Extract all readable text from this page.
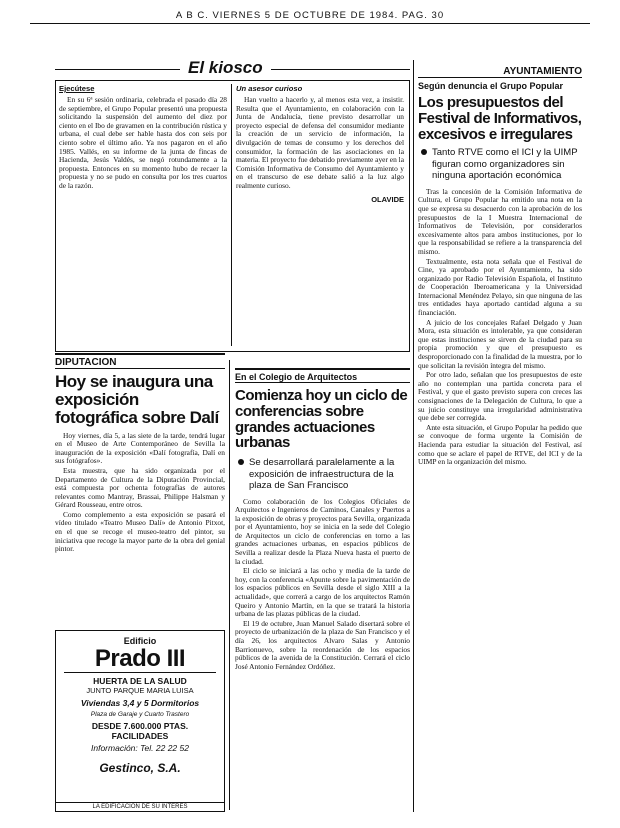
A B C. VIERNES 5 DE OCTUBRE DE 1984. PAG. 30
El kiosco
Ejecútese

En su 6ª sesión ordinaria, celebrada el pasado día 28 de septiembre, el Grupo Popular presentó una propuesta solicitando la suspensión del aumento del diez por ciento en el Ibo de gravamen en la contribución rústica y urbana, el cual debe ser hable hasta dos con seis por ciento sobre el último año. Ya nos pagaron en el año 1985. Vallés, en su informe de la junta de fincas de Hacienda, Jesús Valdés, se negó rotundamente a la propuesta. Entonces en su momento hubo de recaer la propuesta y no se pudo en consulta por los tres cuartos de la razón.

Un asesor curioso

Han vuelto a hacerlo y, al menos esta vez, a insistir. Resulta que el Ayuntamiento, en colaboración con la Junta de Andalucía, tiene previsto desarrollar un proyecto especial de defensa del consumidor mediante la creación de un servicio de información, la divulgación de temas de consumo y los derechos del consumidor, la formación de las asociaciones en la materia. El proyecto fue debatido previamente ayer en la Comisión Informativa de Consumo del Ayuntamiento y en el transcurso de ese debate salió a la luz algo realmente curioso.

OLAVIDE
DIPUTACION
Hoy se inaugura una exposición fotográfica sobre Dalí

Hoy viernes, día 5, a las siete de la tarde, tendrá lugar en el Museo de Arte Contemporáneo de Sevilla la inauguración de la exposición «Dalí fotografía, Dalí en sus fotógrafos».

Esta muestra, que ha sido organizada por el Departamento de Cultura de la Diputación Provincial, está compuesta por ochenta fotografías de autores relevantes como Mantray, Brassai, Philippe Halsman y Gérard Rousseau, entre otros.

Como complemento a esta exposición se pasará el vídeo titulado «Teatro Museo Dalí» de Antonio Pitxot, en el que se recoge el museo-teatro del pintor, su iniciativa que recoge la mayor parte de la obra del genial pintor.

Edificio
Prado III
HUERTA DE LA SALUD
JUNTO PARQUE MARIA LUISA
Viviendas 3,4 y 5 Dormitorios
Plaza de Garaje y Cuarto Trastero
DESDE 7.600.000 PTAS.
FACILIDADES
Información: Tel. 22 22 52
Gestinco, S.A.
LA EDIFICACION DE SU INTERES
En el Colegio de Arquitectos
Comienza hoy un ciclo de conferencias sobre grandes actuaciones urbanas
Se desarrollará paralelamente a la exposición de infraestructura de la plaza de San Francisco

Como colaboración de los Colegios Oficiales de Arquitectos e Ingenieros de Caminos, Canales y Puertos a la exposición de obras y proyectos para Sevilla, organizada por el Ayuntamiento, hoy se inicia en la sede del Colegio de Arquitectos un ciclo de conferencias en torno a las grandes actuaciones urbanas, en espacios públicos de Sevilla a realizar desde la Plaza Nueva hasta el puerto de la ciudad.

El ciclo se iniciará a las ocho y media de la tarde de hoy, con la conferencia «Apunte sobre la pavimentación de los espacios públicos en Sevilla desde el siglo XIII a la actualidad», que correrá a cargo de los arquitectos Ramón Queiro y Antonio Martín, en la que se tratará la historia urbana de las plazas públicas de la ciudad.

El 19 de octubre, Juan Manuel Salado disertará sobre el proyecto de urbanización de la plaza de San Francisco y el día 26, los arquitectos Alvaro Salas y Antonio Barrionuevo, sobre la reordenación de los espacios públicos de la avenida de la Constitución. Cerrará el ciclo José Antonio Fernández Ordóñez.

AYUNTAMIENTO
Según denuncia el Grupo Popular
Los presupuestos del Festival de Informativos, excesivos e irregulares
Tanto RTVE como el ICI y la UIMP figuran como organizadores sin ninguna aportación económica

Tras la concesión de la Comisión Informativa de Cultura, el Grupo Popular ha emitido una nota en la que se expresa su desacuerdo con la aprobación de los presupuestos de la I Muestra Internacional de Informativos de Televisión, por considerarlos excesivamente altos para ambos instituciones, por lo que la responsabilidad se refiere a la transparencia del mismo.

Textualmente, esta nota señala que el Festival de Cine, ya aprobado por el Ayuntamiento, ha sido organizado por Radio Televisión Española, el Instituto de Cooperación Iberoamericana y la Universidad Internacional Menéndez Pelayo, sin que ninguna de las tres entidades haya aportado cantidad alguna a su financiación.

A juicio de los concejales Rafael Delgado y Juan Mora, esta situación es intolerable, ya que consideran que estas instituciones se sirven de la ciudad para su propia promoción y que el presupuesto es desproporcionado con la finalidad de la muestra, por lo que solicitan la revisión íntegra del mismo.

Por otro lado, señalan que los presupuestos de este año no contemplan una partida concreta para el Festival, y que el gasto previsto supera con creces las consignaciones de la Delegación de Cultura, lo que a su juicio constituye una irregularidad administrativa que debe ser corregida.

Ante esta situación, el Grupo Popular ha pedido que se convoque de forma urgente la Comisión de Hacienda para estudiar la situación del Festival, así como que se aclare el papel de RTVE, del ICI y de la UIMP en la organización del mismo.
